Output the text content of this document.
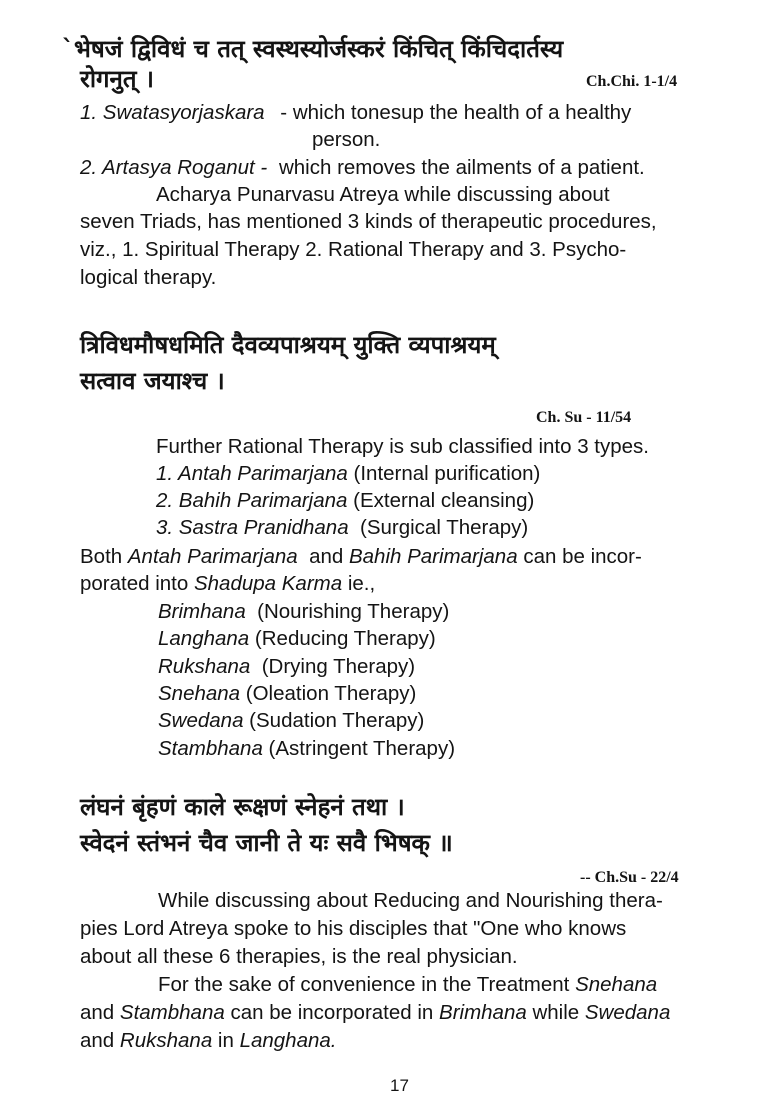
`भेषजं द्विविधं च तत् स्वस्थस्योर्जस्करं किंचित् किंचिदार्तस्य
रोगनुत् ।	Ch.Chi. 1-1/4
1. Swatasyorjaskara - which tonesup the health of a healthy
person.
2. Artasya Roganut - which removes the ailments of a patient.
Acharya Punarvasu Atreya while discussing about
seven Triads, has mentioned 3 kinds of therapeutic procedures,
viz., 1. Spiritual Therapy 2. Rational Therapy and 3. Psycho-
logical therapy.
त्रिविधमौषधमिति दैवव्यपाश्रयम् युक्ति व्यपाश्रयम्
सत्वाव जयाश्च ।
Ch. Su - 11/54
Further Rational Therapy is sub classified into 3 types.
1. Antah Parimarjana (Internal purification)
2. Bahih Parimarjana (External cleansing)
3. Sastra Pranidhana  (Surgical Therapy)
Both Antah Parimarjana  and Bahih Parimarjana can be incor-
porated into Shadupa Karma ie.,
Brimhana  (Nourishing Therapy)
Langhana (Reducing Therapy)
Rukshana  (Drying Therapy)
Snehana (Oleation Therapy)
Swedana (Sudation Therapy)
Stambhana (Astringent Therapy)
लंघनं बृंहणं काले रूक्षणं स्नेहनं तथा ।
स्वेदनं स्तंभनं चैव जानी ते यः सवै भिषक् ॥
-- Ch.Su - 22/4
While discussing about Reducing and Nourishing thera-
pies Lord Atreya spoke to his disciples that "One who knows
about all these 6 therapies, is the real physician.
For the sake of convenience in the Treatment Snehana
and Stambhana can be incorporated in Brimhana while Swedana
and Rukshana in Langhana.
17
